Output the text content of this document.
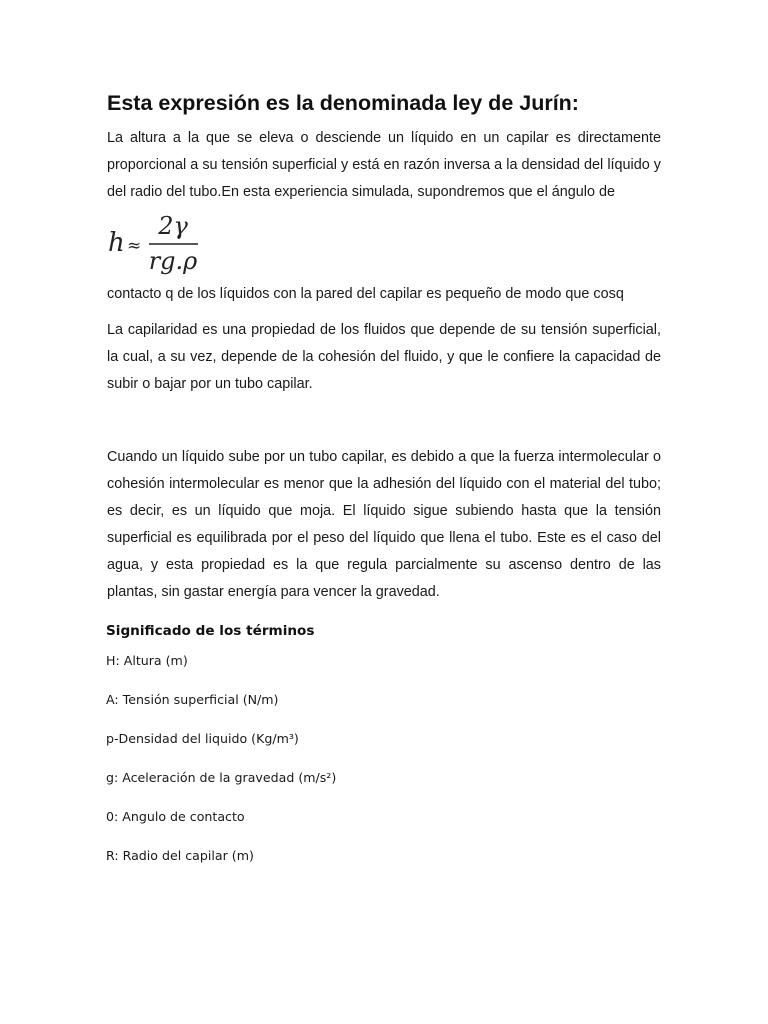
Esta expresión es la denominada ley de Jurín:

La altura a la que se eleva o desciende un líquido en un capilar es directamente proporcional a su tensión superficial y está en razón inversa a la densidad del líquido y del radio del tubo.En esta experiencia simulada, supondremos que el ángulo de

h ≈
2γ
rg.ρ

contacto q de los líquidos con la pared del capilar es pequeño de modo que cosq

La capilaridad es una propiedad de los fluidos que depende de su tensión superficial, la cual, a su vez, depende de la cohesión del fluido, y que le confiere la capacidad de subir o bajar por un tubo capilar.

Cuando un líquido sube por un tubo capilar, es debido a que la fuerza intermolecular o cohesión intermolecular es menor que la adhesión del líquido con el material del tubo; es decir, es un líquido que moja. El líquido sigue subiendo hasta que la tensión superficial es equilibrada por el peso del líquido que llena el tubo. Este es el caso del agua, y esta propiedad es la que regula parcialmente su ascenso dentro de las plantas, sin gastar energía para vencer la gravedad.

Significado de los términos
H: Altura (m)
A: Tensión superficial (N/m)
p-Densidad del liquido (Kg/m³)
g: Aceleración de la gravedad (m/s²)
0: Angulo de contacto
R: Radio del capilar (m)
